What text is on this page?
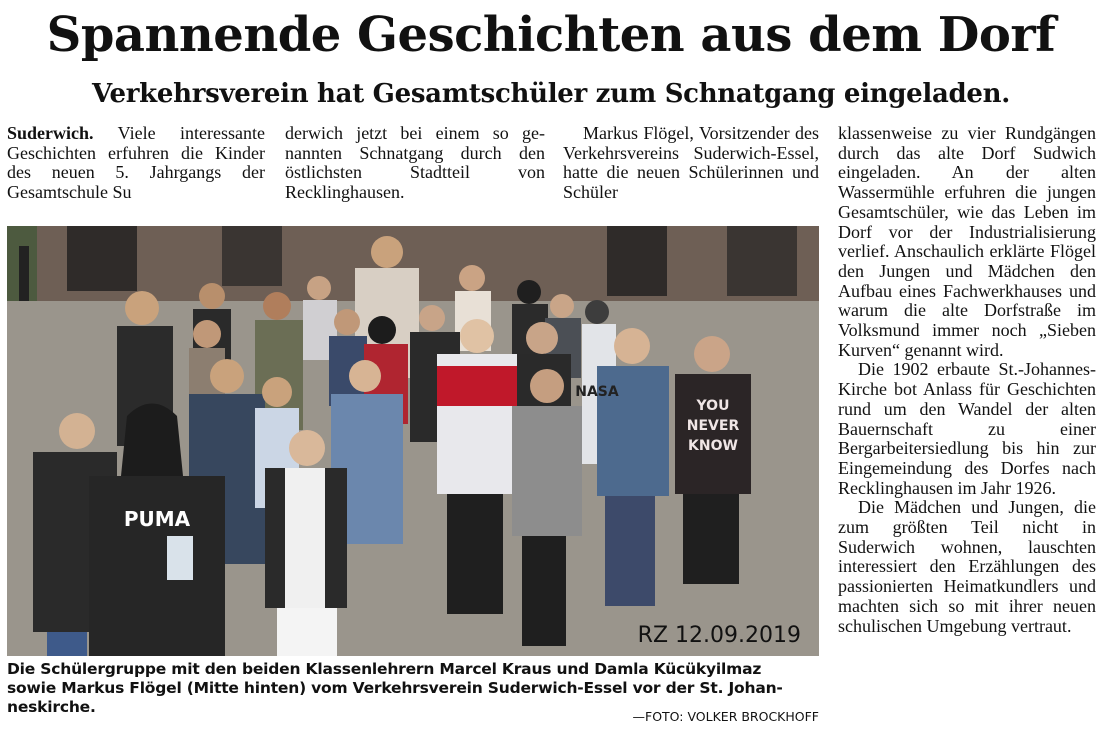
Spannende Geschichten aus dem Dorf
Verkehrsverein hat Gesamtschüler zum Schnatgang eingeladen.

Suderwich. Viele interessante Geschichten erfuhren die Kinder des neuen 5. Jahrgangs der Gesamtschule Su

derwich jetzt bei einem so genannten Schnatgang durch den östlichsten Stadtteil von Recklinghausen.

Markus Flögel, Vorsitzender des Verkehrsvereins Suderwich-Essel, hatte die neuen Schülerinnen und Schüler

klassenweise zu vier Rundgängen durch das alte Dorf Sudwich eingeladen. An der alten Wassermühle erfuhren die jungen Gesamtschüler, wie das Leben im Dorf vor der Industrialisierung verlief. Anschaulich erklärte Flögel den Jungen und Mädchen den Aufbau eines Fachwerkhauses und warum die alte Dorfstraße im Volksmund immer noch „Sieben Kurven“ genannt wird.

Die 1902 erbaute St.-Johannes-Kirche bot Anlass für Geschichten rund um den Wandel der alten Bauernschaft zu einer Bergarbeitersiedlung bis hin zur Eingemeindung des Dorfes nach Recklinghausen im Jahr 1926.

Die Mädchen und Jungen, die zum größten Teil nicht in Suderwich wohnen, lauschten interessiert den Erzählungen des passionierten Heimatkundlers und machten sich so mit ihrer neuen schulischen Umgebung vertraut.

PUMA
NASA
YOU
NEVER
KNOW
RZ 12.09.2019
Die Schülergruppe mit den beiden Klassenlehrern Marcel Kraus und Damla Kücükyilmaz
sowie Markus Flögel (Mitte hinten) vom Verkehrsverein Suderwich-Essel vor der St. Johan-
neskirche.
—FOTO: VOLKER BROCKHOFF
